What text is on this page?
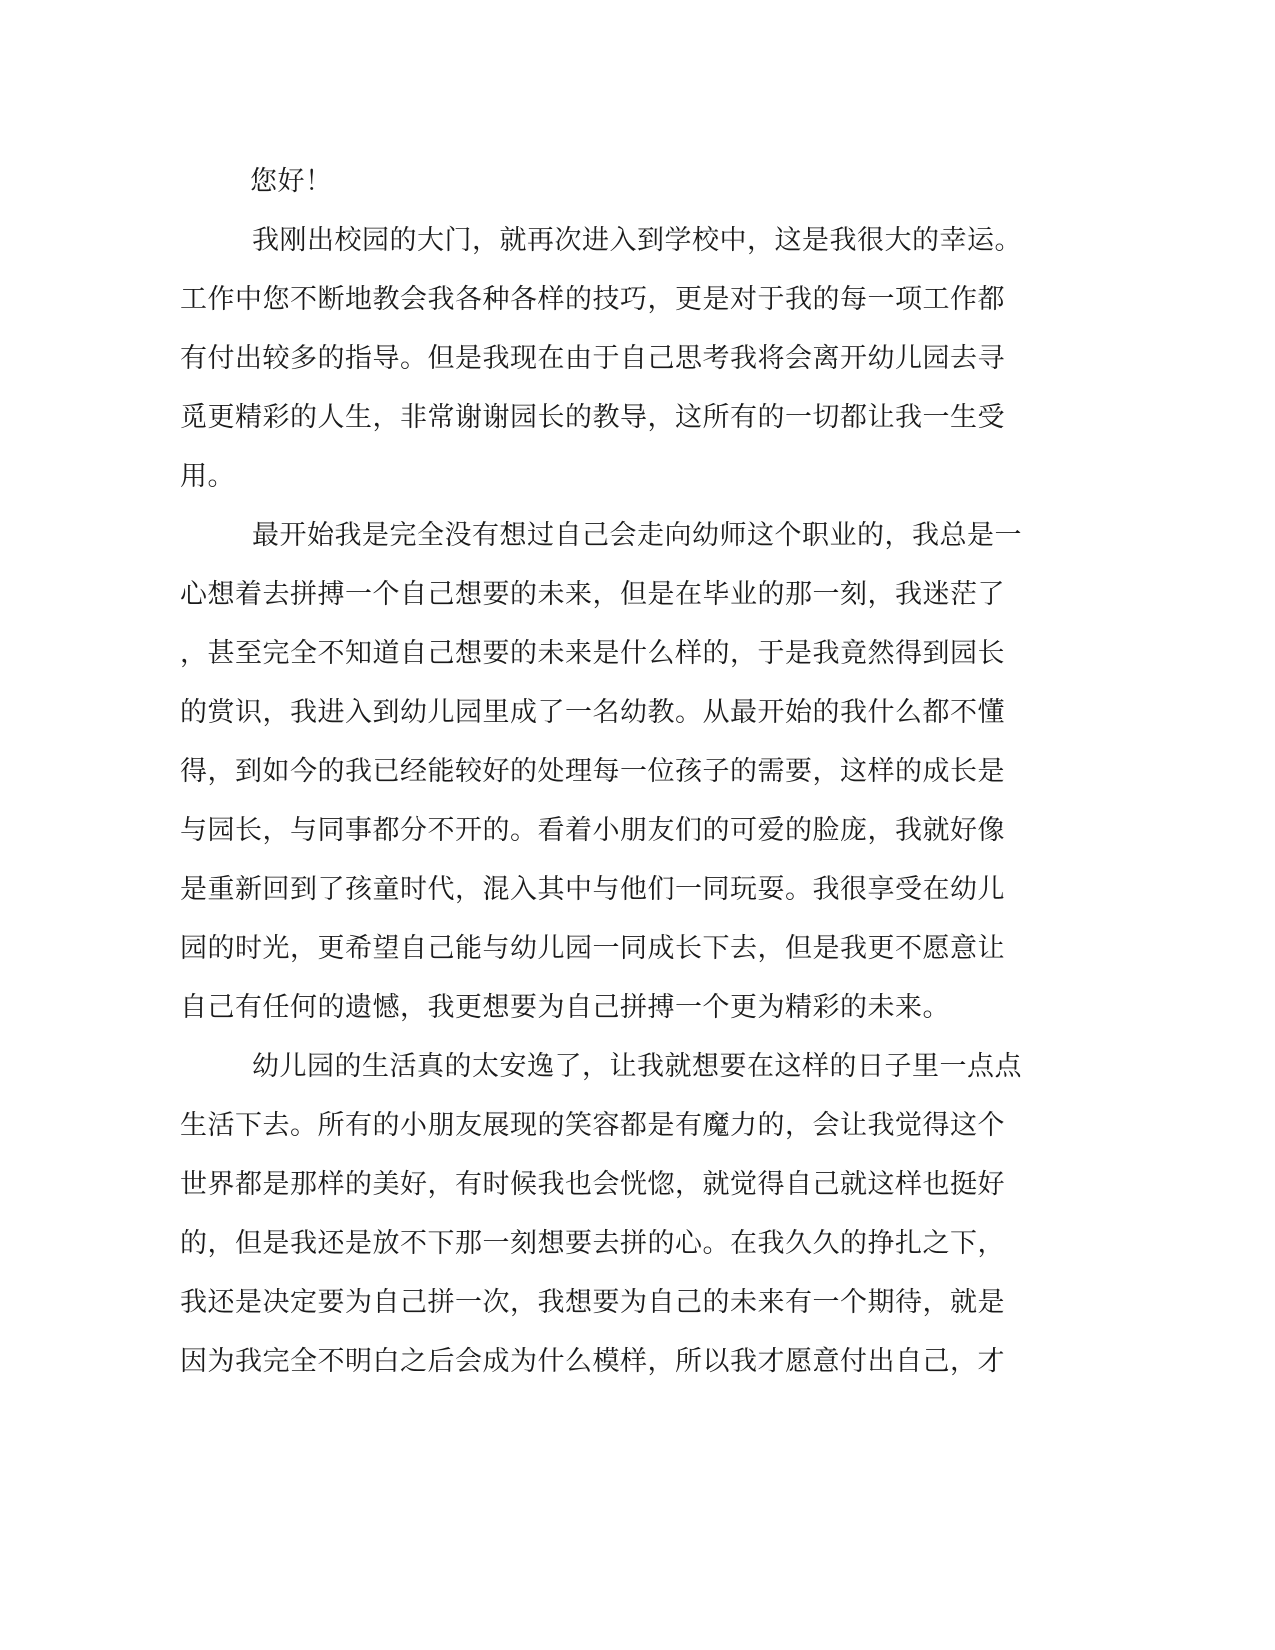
您好！

我刚出校园的大门，就再次进入到学校中，这是我很大的幸运。

工作中您不断地教会我各种各样的技巧，更是对于我的每一项工作都

有付出较多的指导。但是我现在由于自己思考我将会离开幼儿园去寻

觅更精彩的人生，非常谢谢园长的教导，这所有的一切都让我一生受

用。

最开始我是完全没有想过自己会走向幼师这个职业的，我总是一

心想着去拼搏一个自己想要的未来，但是在毕业的那一刻，我迷茫了

，甚至完全不知道自己想要的未来是什么样的，于是我竟然得到园长

的赏识，我进入到幼儿园里成了一名幼教。从最开始的我什么都不懂

得，到如今的我已经能较好的处理每一位孩子的需要，这样的成长是

与园长，与同事都分不开的。看着小朋友们的可爱的脸庞，我就好像

是重新回到了孩童时代，混入其中与他们一同玩耍。我很享受在幼儿

园的时光，更希望自己能与幼儿园一同成长下去，但是我更不愿意让

自己有任何的遗憾，我更想要为自己拼搏一个更为精彩的未来。

幼儿园的生活真的太安逸了，让我就想要在这样的日子里一点点

生活下去。所有的小朋友展现的笑容都是有魔力的，会让我觉得这个

世界都是那样的美好，有时候我也会恍惚，就觉得自己就这样也挺好

的，但是我还是放不下那一刻想要去拼的心。在我久久的挣扎之下，

我还是决定要为自己拼一次，我想要为自己的未来有一个期待，就是

因为我完全不明白之后会成为什么模样，所以我才愿意付出自己，才
